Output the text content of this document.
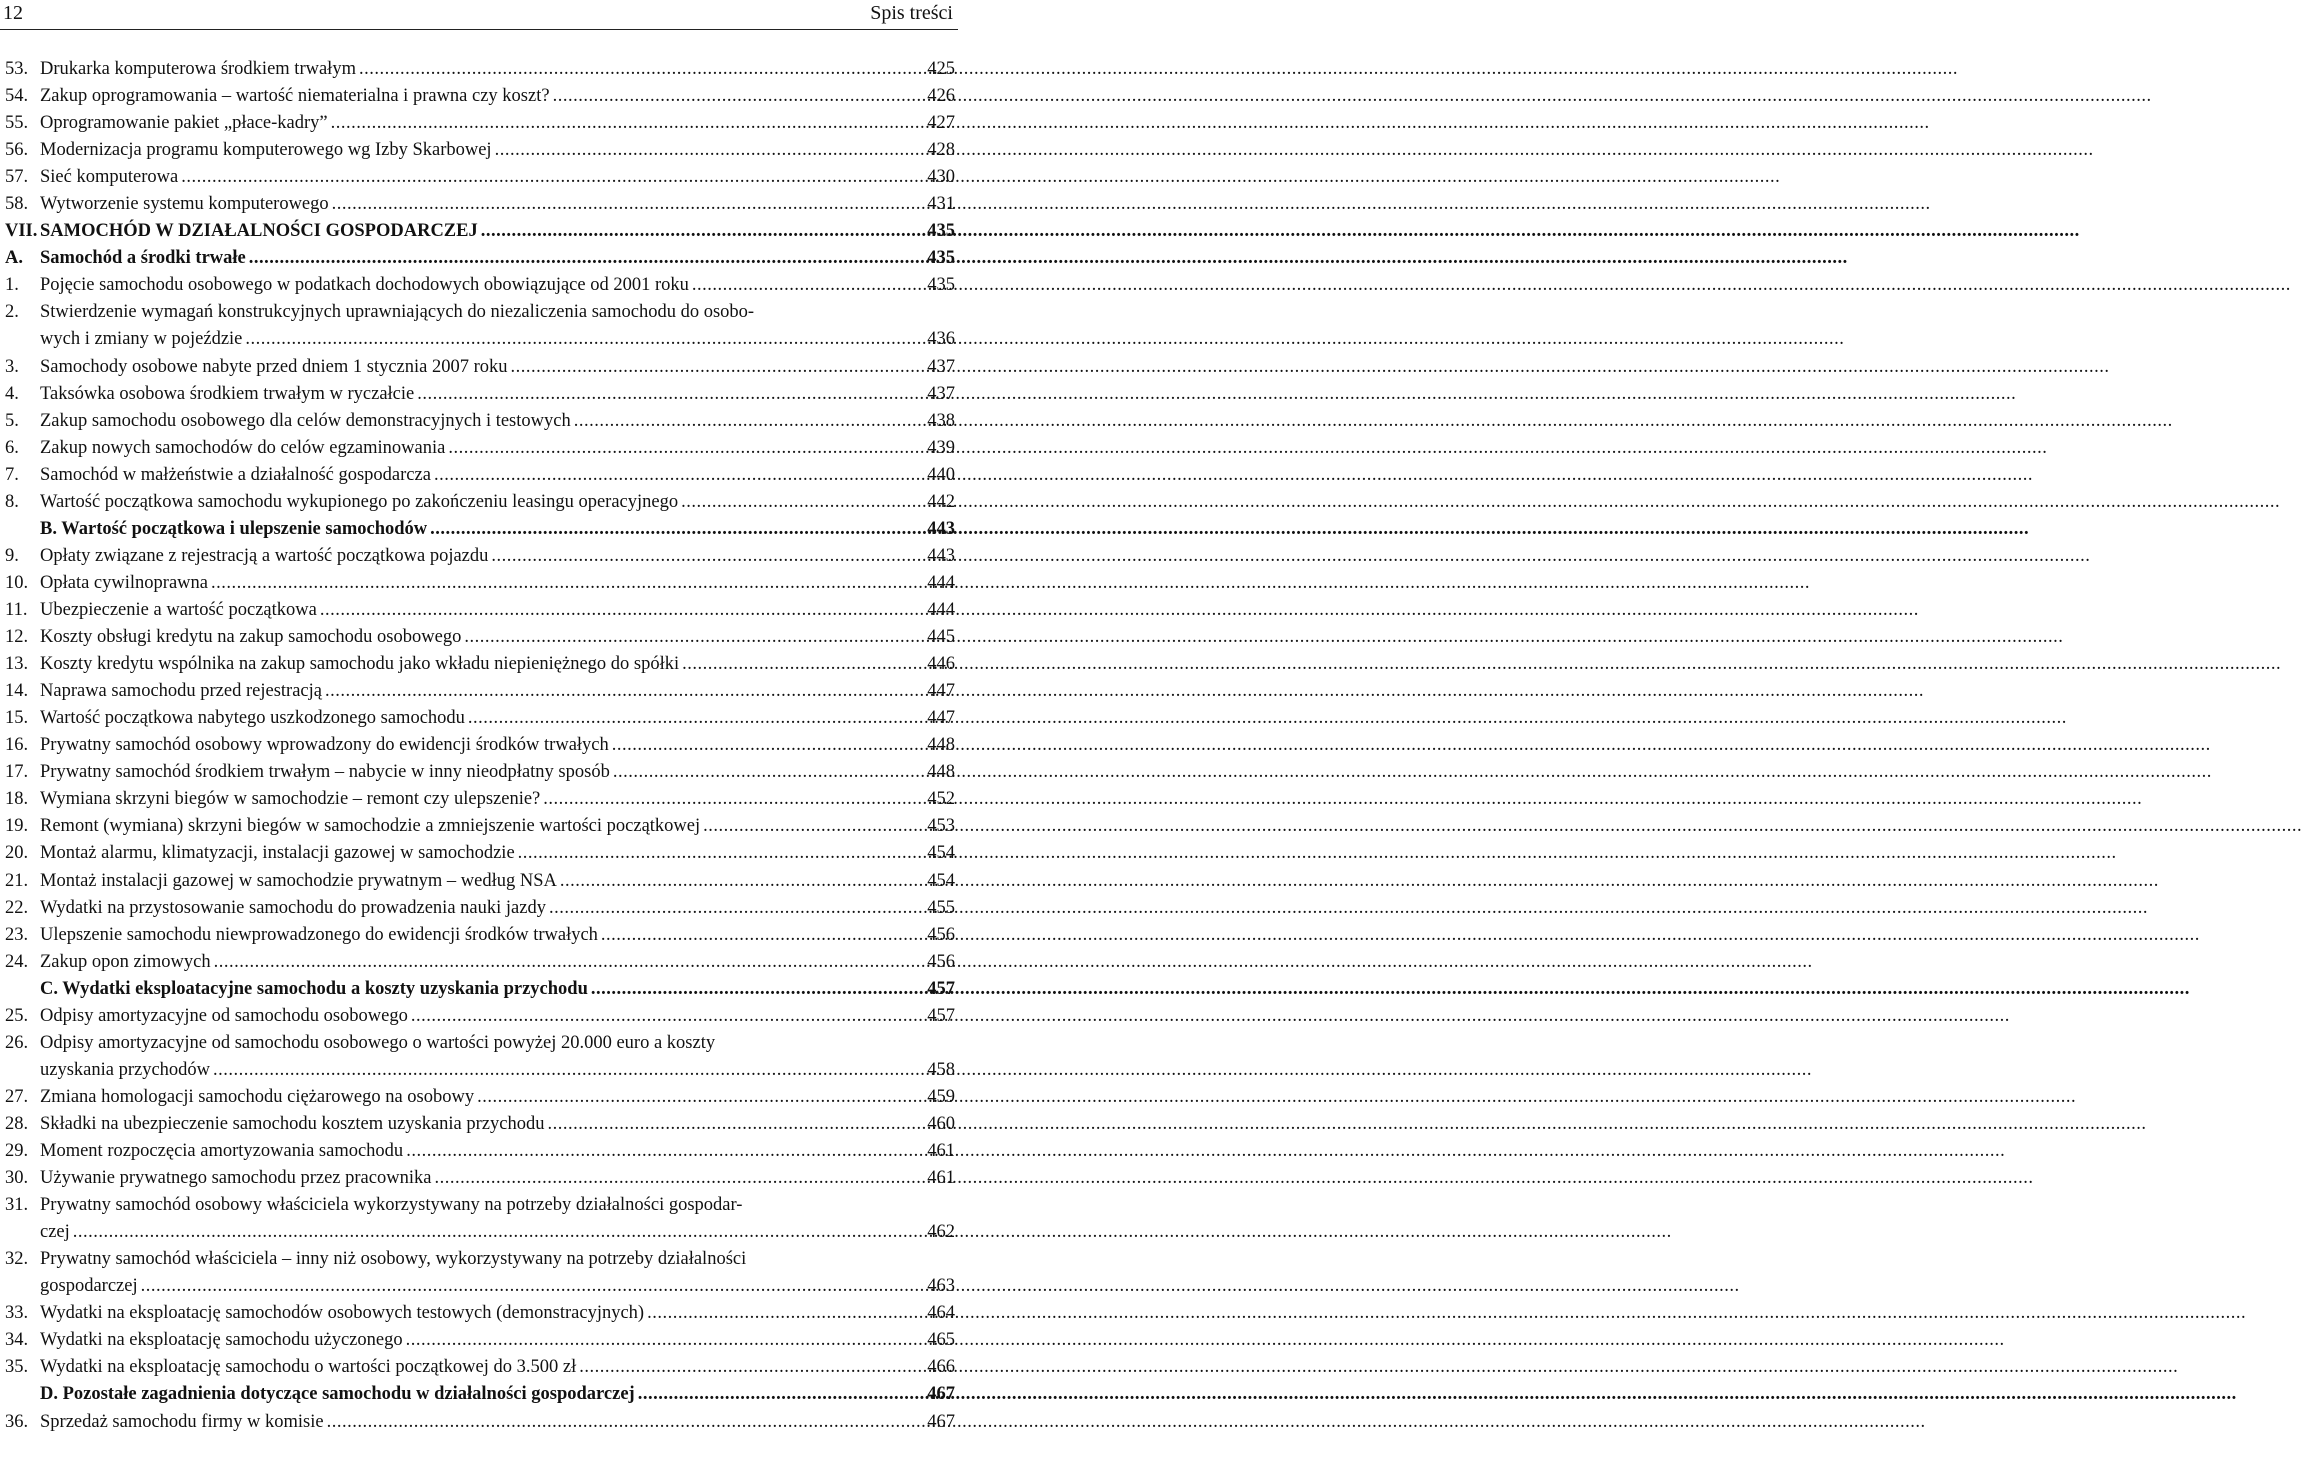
12	Spis treści
53. Drukarka komputerowa środkiem trwałym .....	425
54. Zakup oprogramowania – wartość niematerialna i prawna czy koszt? .....	426
55. Oprogramowanie pakiet „płace-kadry” .....	427
56. Modernizacja programu komputerowego wg Izby Skarbowej .....	428
57. Sieć komputerowa .....	430
58. Wytworzenie systemu komputerowego .....	431
VII. SAMOCHÓD W DZIAŁALNOŚCI GOSPODARCZEJ .....	435
A. Samochód a środki trwałe .....	435
1. Pojęcie samochodu osobowego w podatkach dochodowych obowiązujące od 2001 roku .....	435
2. Stwierdzenie wymagań konstrukcyjnych uprawniających do niezaliczenia samochodu do osobo-
wych i zmiany w pojeździe .....	436
3. Samochody osobowe nabyte przed dniem 1 stycznia 2007 roku .....	437
4. Taksówka osobowa środkiem trwałym w ryczałcie .....	437
5. Zakup samochodu osobowego dla celów demonstracyjnych i testowych .....	438
6. Zakup nowych samochodów do celów egzaminowania .....	439
7. Samochód w małżeństwie a działalność gospodarcza .....	440
8. Wartość początkowa samochodu wykupionego po zakończeniu leasingu operacyjnego .....	442
B. Wartość początkowa i ulepszenie samochodów .....	443
9. Opłaty związane z rejestracją a wartość początkowa pojazdu .....	443
10. Opłata cywilnoprawna .....	444
11. Ubezpieczenie a wartość początkowa .....	444
12. Koszty obsługi kredytu na zakup samochodu osobowego .....	445
13. Koszty kredytu wspólnika na zakup samochodu jako wkładu niepieniężnego do spółki .....	446
14. Naprawa samochodu przed rejestracją .....	447
15. Wartość początkowa nabytego uszkodzonego samochodu .....	447
16. Prywatny samochód osobowy wprowadzony do ewidencji środków trwałych .....	448
17. Prywatny samochód środkiem trwałym – nabycie w inny nieodpłatny sposób .....	448
18. Wymiana skrzyni biegów w samochodzie – remont czy ulepszenie? .....	452
19. Remont (wymiana) skrzyni biegów w samochodzie a zmniejszenie wartości początkowej .....	453
20. Montaż alarmu, klimatyzacji, instalacji gazowej w samochodzie .....	454
21. Montaż instalacji gazowej w samochodzie prywatnym – według NSA .....	454
22. Wydatki na przystosowanie samochodu do prowadzenia nauki jazdy .....	455
23. Ulepszenie samochodu niewprowadzonego do ewidencji środków trwałych .....	456
24. Zakup opon zimowych .....	456
C. Wydatki eksploatacyjne samochodu a koszty uzyskania przychodu .....	457
25. Odpisy amortyzacyjne od samochodu osobowego .....	457
26. Odpisy amortyzacyjne od samochodu osobowego o wartości powyżej 20.000 euro a koszty
uzyskania przychodów .....	458
27. Zmiana homologacji samochodu ciężarowego na osobowy .....	459
28. Składki na ubezpieczenie samochodu kosztem uzyskania przychodu .....	460
29. Moment rozpoczęcia amortyzowania samochodu .....	461
30. Używanie prywatnego samochodu przez pracownika .....	461
31. Prywatny samochód osobowy właściciela wykorzystywany na potrzeby działalności gospodar-
czej .....	462
32. Prywatny samochód właściciela – inny niż osobowy, wykorzystywany na potrzeby działalności
gospodarczej .....	463
33. Wydatki na eksploatację samochodów osobowych testowych (demonstracyjnych) .....	464
34. Wydatki na eksploatację samochodu użyczonego .....	465
35. Wydatki na eksploatację samochodu o wartości początkowej do 3.500 zł .....	466
D. Pozostałe zagadnienia dotyczące samochodu w działalności gospodarczej .....	467
36. Sprzedaż samochodu firmy w komisie .....	467
